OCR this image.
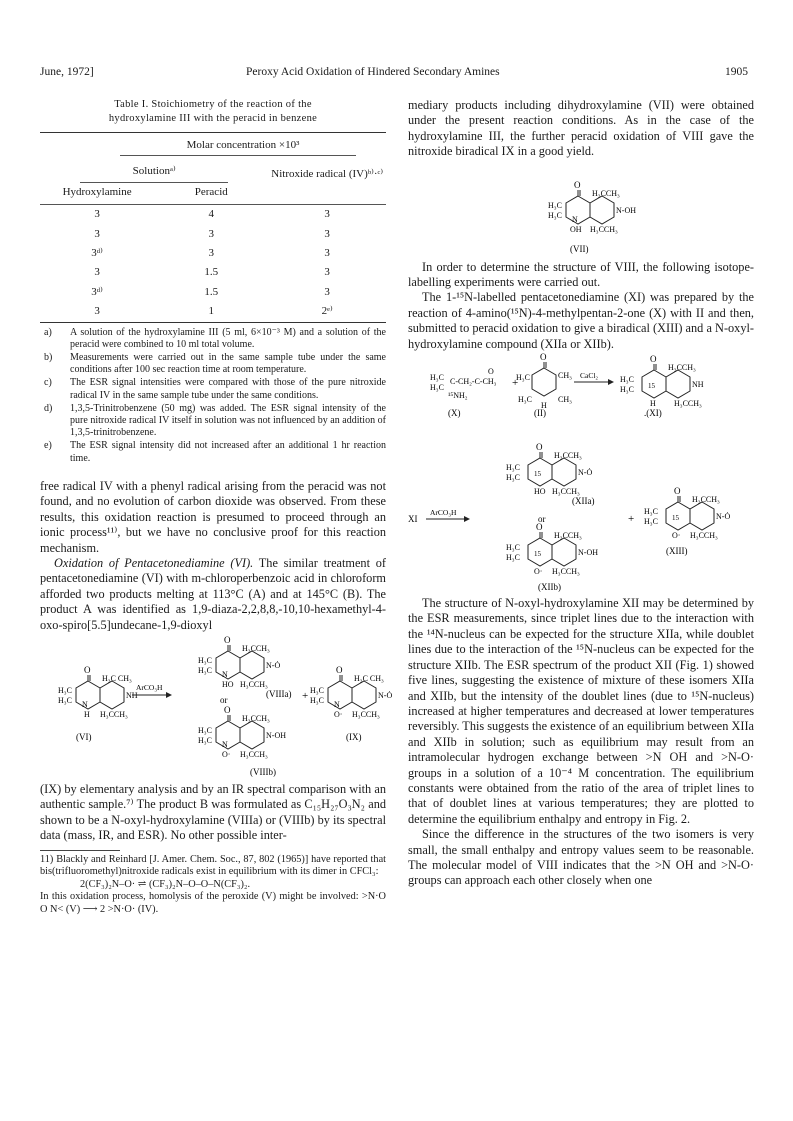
June, 1972]	Peroxy Acid Oxidation of Hindered Secondary Amines	1905
Table I. Stoichiometry of the reaction of the
hydroxylamine III with the peracid in benzene
Molar concentration ×10³
Solutionᵃ⁾
Hydroxylamine	Peracid
Nitroxide radical (IV)ᵇ⁾·ᶜ⁾
3	4	3
3	3	3
3ᵈ⁾	3	3
3	1.5	3
3ᵈ⁾	1.5	3
3	1	2ᵉ⁾
a)	A solution of the hydroxylamine III (5 ml, 6×10⁻³ M) and a solution of the peracid were combined to 10 ml total volume.
b)	Measurements were carried out in the same sample tube under the same conditions after 100 sec reaction time at room temperature.
c)	The ESR signal intensities were compared with those of the pure nitroxide radical IV in the same sample tube under the same conditions.
d)	1,3,5-Trinitrobenzene (50 mg) was added. The ESR signal intensity of the pure nitroxide radical IV itself in solution was not influenced by an addition of 1,3,5-trinitrobenzene.
e)	The ESR signal intensity did not increased after an additional 1 hr reaction time.

free radical IV with a phenyl radical arising from the peracid was not found, and no evolution of carbon dioxide was observed. From these results, this oxidation reaction is presumed to proceed through an ionic process¹¹⁾, but we have no conclusive proof for this reaction mechanism.

Oxidation of Pentacetonediamine (VI). The similar treatment of pentacetonediamine (VI) with m-chloroperbenzoic acid in chloroform afforded two products melting at 113°C (A) and at 145°C (B). The product A was identified as 1,9-diaza-2,2,8,8,-10,10-hexamethyl-4-oxo-spiro[5.5]undecane-1,9-dioxyl

O
H₃C CH₃
H₃C
H₃C N
NH
H H₃CCH₃
(VI)
ArCO₃H
O
H₃CCH₃
H₃C
H₃C N
N-Ȯ
HO H₃CCH₃
(VIIIa)
or
O
H₃CCH₃
H₃C
H₃C N
N-OH
O· H₃CCH₃
(VIIIb)
+
O
H₃C CH₃
H₃C
H₃C N
N-Ȯ
O· H₃CCH₃
(IX)

(IX) by elementary analysis and by an IR spectral comparison with an authentic sample.⁷⁾ The product B was formulated as C₁₅H₂₇O₃N₂ and shown to be a N-oxyl-hydroxylamine (VIIIa) or (VIIIb) by its spectral data (mass, IR, and ESR). No other possible inter-

11) Blackly and Reinhard [J. Amer. Chem. Soc., 87, 802 (1965)] have reported that bis(trifluoromethyl)nitroxide radicals exist in equilibrium with its dimer in CFCl₃:
2(CF₃)₂N–O· ⇌ (CF₃)₂N–O–O–N(CF₃)₂.
In this oxidation process, homolysis of the peroxide (V) might be involved: >N·O O N< (V) ⟶ 2 >N·O· (IV).

mediary products including dihydroxylamine (VII) were obtained under the present reaction conditions. As in the case of the hydroxylamine III, the further peracid oxidation of VIII gave the nitroxide biradical IX in a good yield.

O
H₃CCH₃
H₃C
H₃C N
N-OH
OH H₃CCH₃
(VII)

In order to determine the structure of VIII, the following isotope-labelling experiments were carried out.

The 1-¹⁵N-labelled pentacetonediamine (XI) was prepared by the reaction of 4-amino(¹⁵N)-4-methylpentan-2-one (X) with II and then, submitted to peracid oxidation to give a biradical (XIII) and a N-oxyl-hydroxylamine compound (XIIa or XIIb).

H₃C
H₃C
C-CH₂-C-CH₃
O
¹⁵NH₂
(X)
+
O
H₃C
H₃C
CH₃
CH₃
H
(II)
CaCl₂
O
H₃CCH₃
H₃C
H₃C 15	NH
H H₃CCH₃
.(XI)
XI
ArCO₃H
O
H₃CCH₃
H₃C
H₃C 15	N-Ȯ
HO H₃CCH₃
(XIIa)
or
O
H₃CCH₃
H₃C
H₃C 15	N-OH
O· H₃CCH₃
(XIIb)
+
O
H₃CCH₃
H₃C
H₃C 15	N-Ȯ
O· H₃CCH₃
(XIII)

The structure of N-oxyl-hydroxylamine XII may be determined by the ESR measurements, since triplet lines due to the interaction with the ¹⁴N-nucleus can be expected for the structure XIIa, while doublet lines due to the interaction of the ¹⁵N-nucleus can be expected for the structure XIIb. The ESR spectrum of the product XII (Fig. 1) showed five lines, suggesting the existence of mixture of these isomers XIIa and XIIb, but the intensity of the doublet lines (due to ¹⁵N-nucleus) increased at higher temperatures and decreased at lower temperatures reversibly. This suggests the existence of an equilibrium between XIIa and XIIb in solution; such as equilibrium may result from an intramolecular hydrogen exchange between >N OH and >N-O· groups in a solution of a 10⁻⁴ M concentration. The equilibrium constants were obtained from the ratio of the area of triplet lines to that of doublet lines at various temperatures; they are plotted to determine the equilibrium enthalpy and entropy in Fig. 2.

Since the difference in the structures of the two isomers is very small, the small enthalpy and entropy values seem to be reasonable. The molecular model of VIII indicates that the >N OH and >N-O· groups can approach each other closely when one
